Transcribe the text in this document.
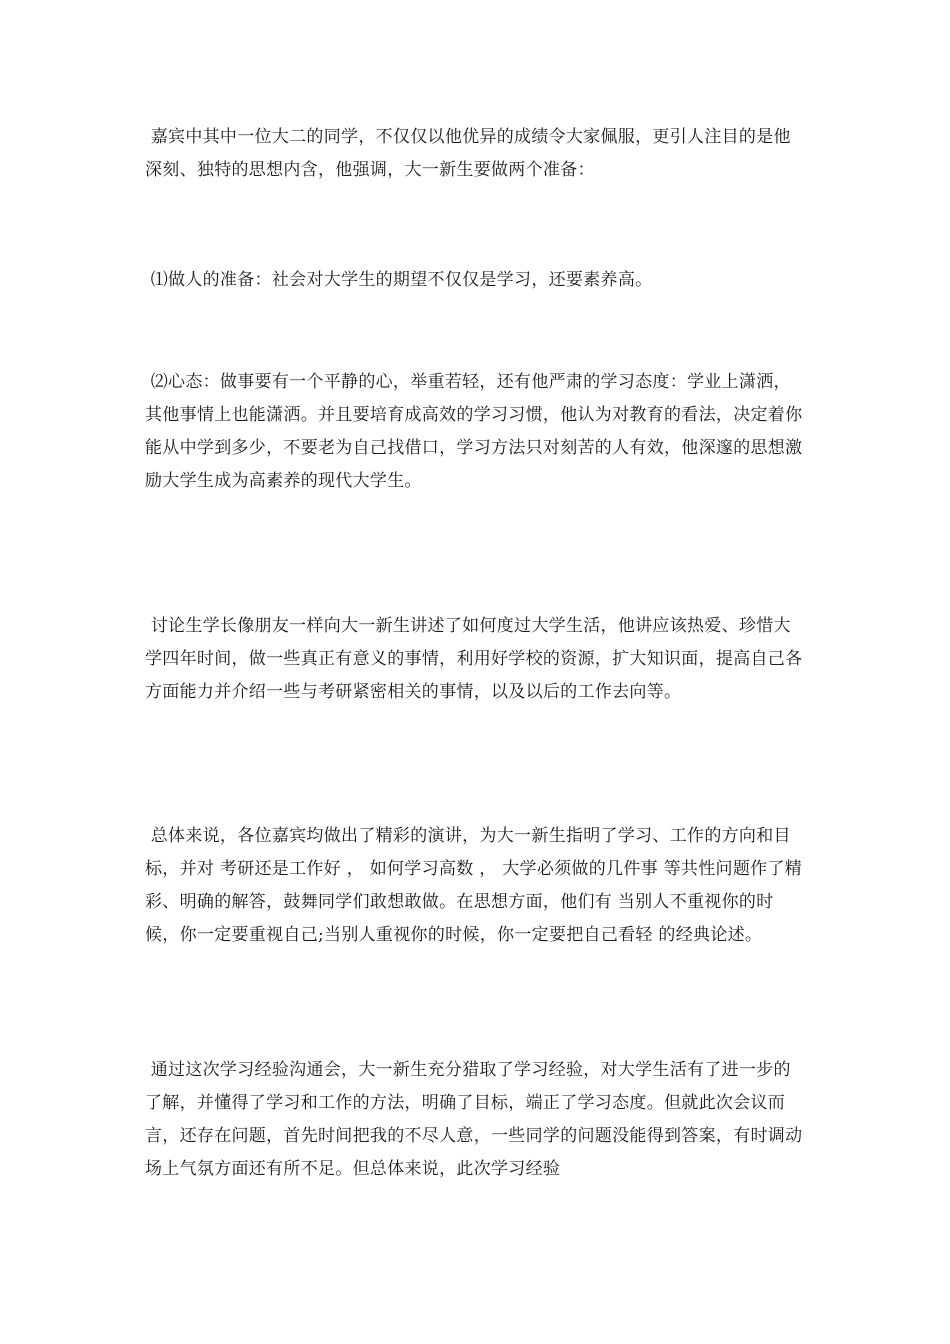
嘉宾中其中一位大二的同学，不仅仅以他优异的成绩令大家佩服，更引人注目的是他深刻、独特的思想内含，他强调，大一新生要做两个准备：

⑴做人的准备：社会对大学生的期望不仅仅是学习，还要素养高。

⑵心态：做事要有一个平静的心，举重若轻，还有他严肃的学习态度：学业上潇洒，其他事情上也能潇洒。并且要培育成高效的学习习惯，他认为对教育的看法，决定着你能从中学到多少，不要老为自己找借口，学习方法只对刻苦的人有效，他深邃的思想激励大学生成为高素养的现代大学生。

讨论生学长像朋友一样向大一新生讲述了如何度过大学生活，他讲应该热爱、珍惜大学四年时间，做一些真正有意义的事情，利用好学校的资源，扩大知识面，提高自己各方面能力并介绍一些与考研紧密相关的事情，以及以后的工作去向等。

总体来说，各位嘉宾均做出了精彩的演讲，为大一新生指明了学习、工作的方向和目标，并对 考研还是工作好 ， 如何学习高数 ， 大学必须做的几件事 等共性问题作了精彩、明确的解答，鼓舞同学们敢想敢做。在思想方面，他们有 当别人不重视你的时候，你一定要重视自己;当别人重视你的时候，你一定要把自己看轻 的经典论述。

通过这次学习经验沟通会，大一新生充分猎取了学习经验，对大学生活有了进一步的了解，并懂得了学习和工作的方法，明确了目标，端正了学习态度。但就此次会议而言，还存在问题，首先时间把我的不尽人意，一些同学的问题没能得到答案，有时调动场上气氛方面还有所不足。但总体来说，此次学习经验
